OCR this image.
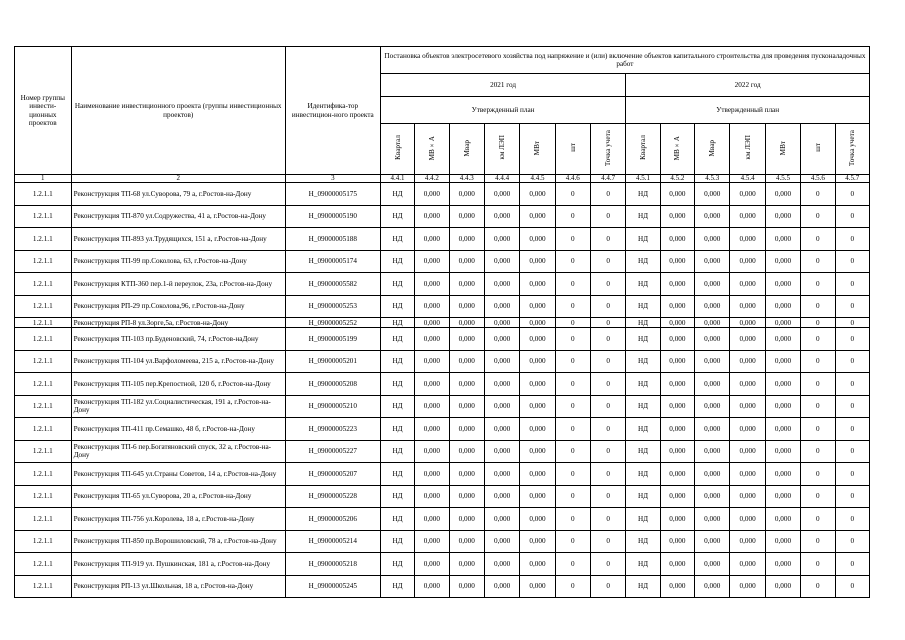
Номер группы инвести-ционных проектов	Наименование инвестиционного проекта (группы инвестиционных проектов)	Идентифика-тор инвестицион-ного проекта	Постановка объектов электросетевого хозяйства под напряжение и (или) включение объектов капитального строительства для проведения пусконаладочных работ													
			2021 год							2022 год						
			Утвержденный план							Утвержденный план						
			Квартал	МВ×А	Мвар	км ЛЭП	МВт	шт	Точка учета	Квартал	МВ×А	Мвар	км ЛЭП	МВт	шт	Точка учета
1	2	3	4.4.1	4.4.2	4.4.3	4.4.4	4.4.5	4.4.6	4.4.7	4.5.1	4.5.2	4.5.3	4.5.4	4.5.5	4.5.6	4.5.7
1.2.1.1	Реконструкция ТП-68 ул.Суворова, 79 а, г.Ростов-на-Дону	H_09000005175	НД	0,000	0,000	0,000	0,000	0	0	НД	0,000	0,000	0,000	0,000	0	0
1.2.1.1	Реконструкция ТП-870 ул.Содружества, 41 а, г.Ростов-на-Дону	H_09000005190	НД	0,000	0,000	0,000	0,000	0	0	НД	0,000	0,000	0,000	0,000	0	0
1.2.1.1	Реконструкция ТП-893 ул.Трудящихся, 151 а, г.Ростов-на-Дону	H_09000005188	НД	0,000	0,000	0,000	0,000	0	0	НД	0,000	0,000	0,000	0,000	0	0
1.2.1.1	Реконструкция ТП-99 пр.Соколова, 63, г.Ростов-на-Дону	H_09000005174	НД	0,000	0,000	0,000	0,000	0	0	НД	0,000	0,000	0,000	0,000	0	0
1.2.1.1	Реконструкция КТП-360 пер.1-й переулок, 23а, г.Ростов-на-Дону	H_09000005582	НД	0,000	0,000	0,000	0,000	0	0	НД	0,000	0,000	0,000	0,000	0	0
1.2.1.1	Реконструкция РП-29 пр.Соколова,96, г.Ростов-на-Дону	H_09000005253	НД	0,000	0,000	0,000	0,000	0	0	НД	0,000	0,000	0,000	0,000	0	0
1.2.1.1	Реконструкция РП-8 ул.Зорге,5а, г.Ростов-на-Дону	H_09000005252	НД	0,000	0,000	0,000	0,000	0	0	НД	0,000	0,000	0,000	0,000	0	0
1.2.1.1	Реконструкция ТП-103 пр.Буденовский, 74, г.Ростов-наДону	H_09000005199	НД	0,000	0,000	0,000	0,000	0	0	НД	0,000	0,000	0,000	0,000	0	0
1.2.1.1	Реконструкция ТП-104 ул.Варфоломеева, 215 а, г.Ростов-на-Дону	H_09000005201	НД	0,000	0,000	0,000	0,000	0	0	НД	0,000	0,000	0,000	0,000	0	0
1.2.1.1	Реконструкция ТП-105 пер.Крепостной, 120 б, г.Ростов-на-Дону	H_09000005208	НД	0,000	0,000	0,000	0,000	0	0	НД	0,000	0,000	0,000	0,000	0	0
1.2.1.1	Реконструкция ТП-182 ул.Социалистическая, 191 а, г.Ростов-на-Дону	H_09000005210	НД	0,000	0,000	0,000	0,000	0	0	НД	0,000	0,000	0,000	0,000	0	0
1.2.1.1	Реконструкция ТП-411 пр.Семашко, 48 б, г.Ростов-на-Дону	H_09000005223	НД	0,000	0,000	0,000	0,000	0	0	НД	0,000	0,000	0,000	0,000	0	0
1.2.1.1	Реконструкция ТП-6 пер.Богатяновский спуск, 32 а, г.Ростов-на-Дону	H_09000005227	НД	0,000	0,000	0,000	0,000	0	0	НД	0,000	0,000	0,000	0,000	0	0
1.2.1.1	Реконструкция ТП-645 ул.Страны Советов, 14 а, г.Ростов-на-Дону	H_09000005207	НД	0,000	0,000	0,000	0,000	0	0	НД	0,000	0,000	0,000	0,000	0	0
1.2.1.1	Реконструкция ТП-65 ул.Суворова, 20 а, г.Ростов-на-Дону	H_09000005228	НД	0,000	0,000	0,000	0,000	0	0	НД	0,000	0,000	0,000	0,000	0	0
1.2.1.1	Реконструкция ТП-756 ул.Королева, 18 а, г.Ростов-на-Дону	H_09000005206	НД	0,000	0,000	0,000	0,000	0	0	НД	0,000	0,000	0,000	0,000	0	0
1.2.1.1	Реконструкция ТП-850 пр.Ворошиловский, 78 а, г.Ростов-на-Дону	H_09000005214	НД	0,000	0,000	0,000	0,000	0	0	НД	0,000	0,000	0,000	0,000	0	0
1.2.1.1	Реконструкция ТП-919 ул. Пушкинская, 181 а, г.Ростов-на-Дону	H_09000005218	НД	0,000	0,000	0,000	0,000	0	0	НД	0,000	0,000	0,000	0,000	0	0
1.2.1.1	Реконструкция РП-13 ул.Школьная, 18 а, г.Ростов-на-Дону	H_09000005245	НД	0,000	0,000	0,000	0,000	0	0	НД	0,000	0,000	0,000	0,000	0	0
